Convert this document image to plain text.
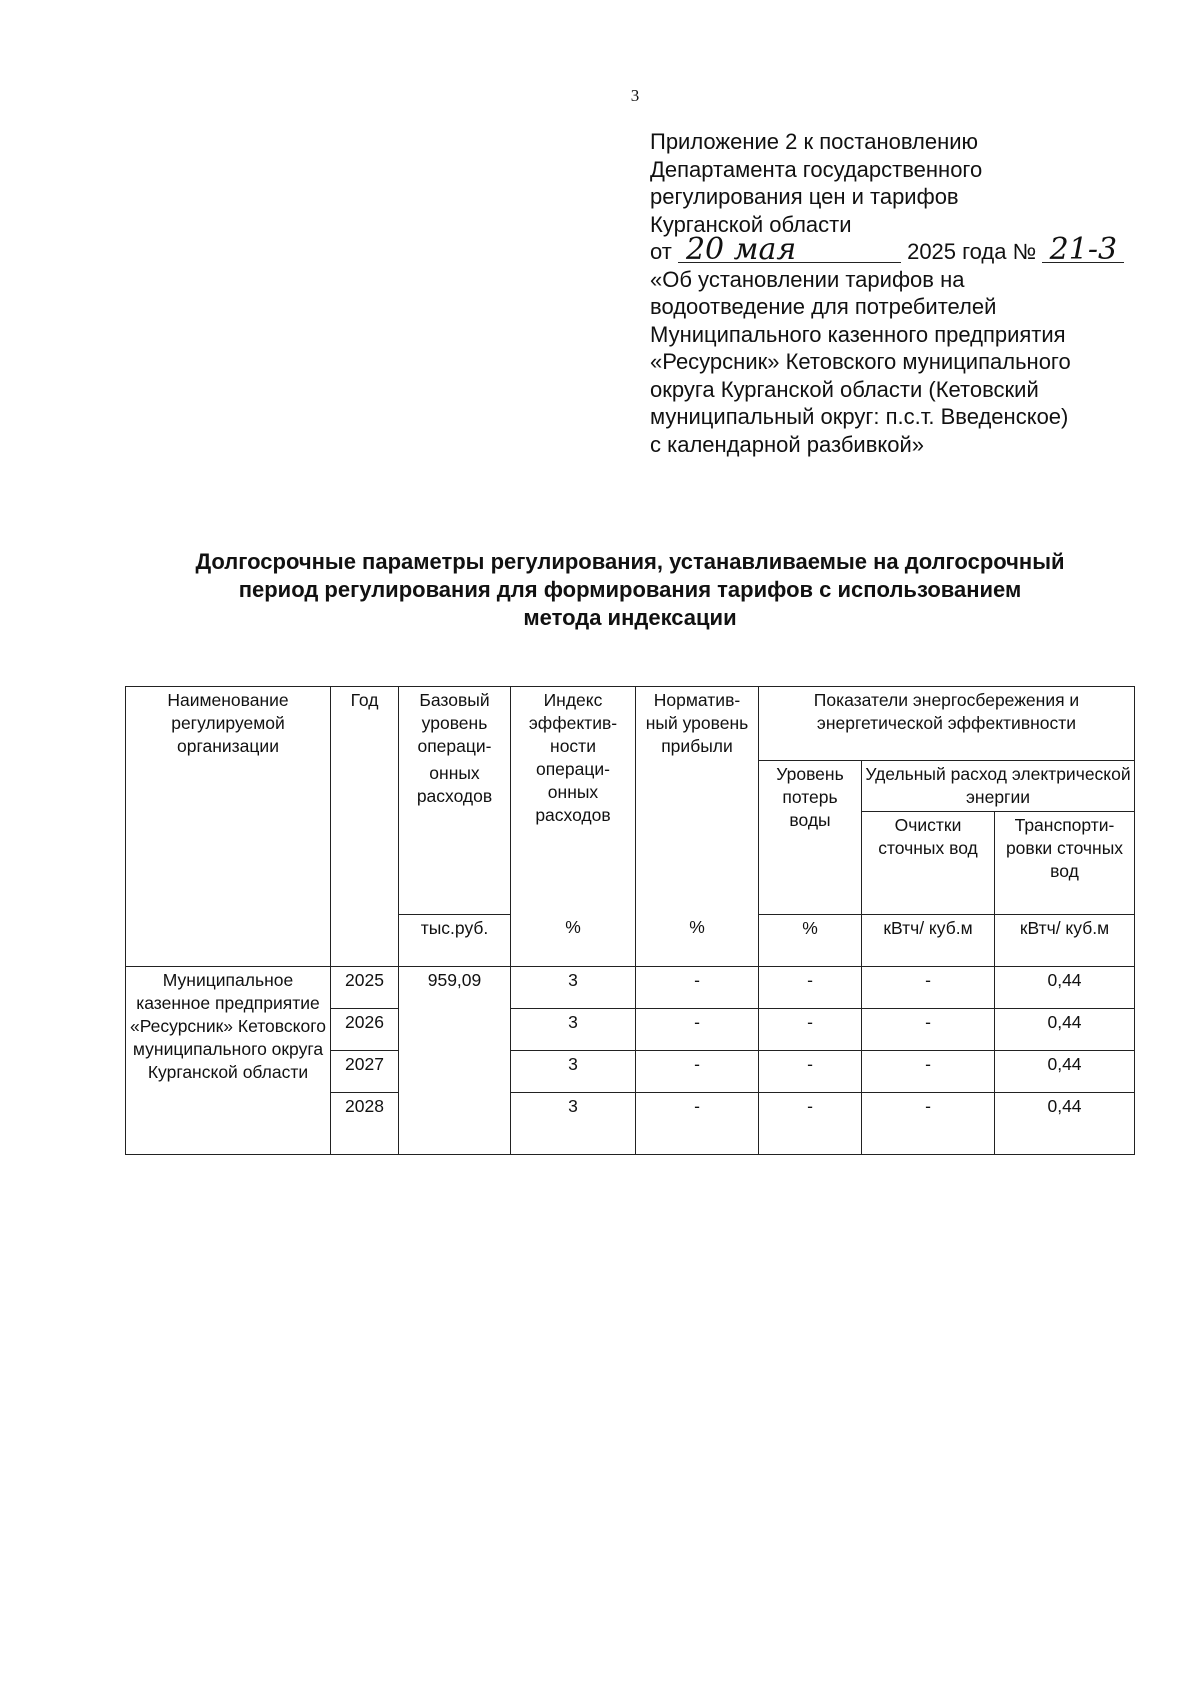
3
Приложение 2 к постановлению
Департамента государственного
регулирования цен и тарифов
Курганской области
от 20 мая	2025 года № 21-3
«Об установлении тарифов на
водоотведение для потребителей
Муниципального казенного предприятия
«Ресурсник» Кетовского муниципального
округа Курганской области (Кетовский
муниципальный округ: п.с.т. Введенское)
с календарной разбивкой»
Долгосрочные параметры регулирования, устанавливаемые на долгосрочный
период регулирования для формирования тарифов с использованием
метода индексации
Наименование регулируемой организации	Год	Базовый уровень операци-	Индекс эффектив-ности операци-онных расходов	Норматив-ный уровень прибыли	Показатели энергосбережения и энергетической эффективности		
		онных расходов			Уровень потерь воды	Удельный расход электрической энергии	
						Очистки сточных вод	Транспорти-ровки сточных вод
		тыс.руб.	%	%	%	кВтч/ куб.м	кВтч/ куб.м
Муниципальное казенное предприятие «Ресурсник» Кетовского муниципального округа Курганской области	2025	959,09	3	-	-	-	0,44
	2026		3	-	-	-	0,44
	2027		3	-	-	-	0,44
	2028		3	-	-	-	0,44
